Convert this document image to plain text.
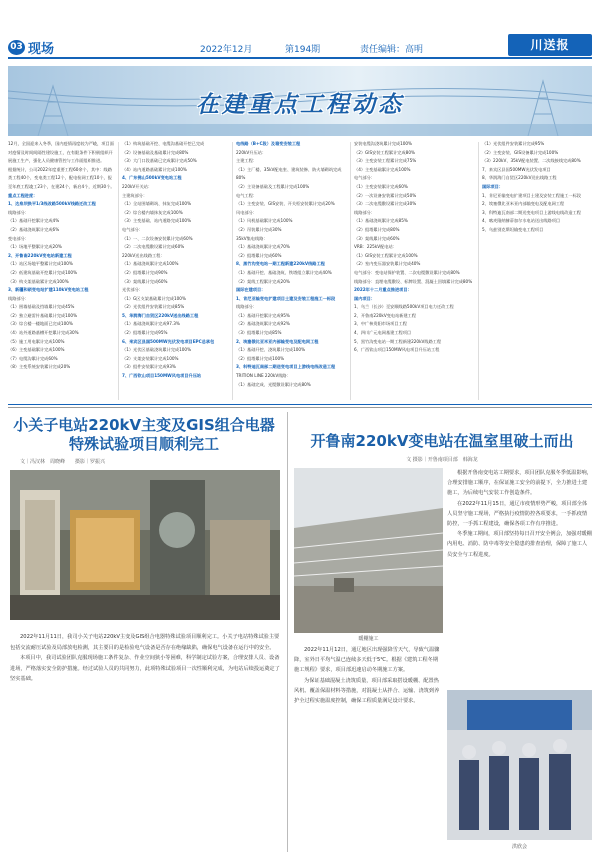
03 现场	2022年12月	第194期	责任编辑：高明	川送报
在建重点工程动态

12月，全国迎来入冬季，国内疫情再度较为严峻，项目面对疫情及时间间隔性建设施工，在有限条件下积极组织开展施工生产，强化人员健康管控与工作面组织推进。

根据统计，公司2022年度重要工程60余个，其中：线路类工程40个，变电类工程12个，配电检网工程10个，报至年底工程竣工23个，在建24个，新启4个，近期30个。

重点工程进度：

1、达泉坝换平1/3线改路500kV线路迁改工程

线路部分：

（1）基础开挖累计完成4%

（2）基础浇筑累计完成6%

变电部分：

（1）场地平整累计完成20%

2、开鲁南220kV变电站新建工程

（1）站区场地平整累计完成100%

（2）低建筑基础开挖累计完成100%

（3）构支架基础累计完成100%

3、新疆和硕变电站扩建110kV变电站工程

线路部分：

（1）围墙基础及挡墙累计完成45%

（2）独立避雷针基础累计完成100%

（3）综合楼一楼地面已完成100%

（4）站外道路基槽开挖累计完成30%

（5）施工用电累计完成100%

（6）主变基础累计完成100%

（7）电缆沟累计完成60%

（8）主变系统安装累计完成20%

（1）构筑基础开挖、电缆沟基础开挖已完成

（2）设备基础及基础累计完成80%

（3）大门口段基础已完成累计完成50%

（4）站内道路基础累计完成100%

4、广东佛山500kV变电站工程

220kV开关站：

主建筑部分：

（1）全站围墙砌筑、抹灰完成100%

（2）综合楼内墙抹灰完成100%

（3）主变基础、站内道路完成100%

电气部分：

（1）一、二次设备安装累计完成60%

（2）二次电缆敷设累计完成60%

220kV送出线路工程：

（1）基础浇筑累计完成100%

（2）组塔累计完成90%

（3）架线累计完成60%

光伏部分：

（1）G区支架基础累计完成100%

（2）光伏组件安装累计完成85%

5、华润海门自贸区220kV送出线路工程

（1）基础浇筑累计完成97.3%

（2）组塔累计完成95%

6、来宾区县国500MW光伏发电项目EPC总承包

（1）光伏区基础浇筑累计完成100%

（2）支架安装累计完成100%

（3）组件安装累计完成93%

7、广西钦山项目150MW风电项目升压站

电线路（B+C段）及箱变安装工程

220kV升压站：

主建工程：

（1）主厂楼、35kV配电室、建筑装修、防火墙砌筑完成80%

（2）主设备基础及工程累计完成100%

电气工程：

（1）主变安装、GIS安装、开关柜安装累计完成20%

风电部分：

（1）风机基础累计完成100%

（2）吊装累计完成30%

35kV集电线路：

（1）基础浇筑累计完成70%

（2）组塔累计完成60%

8、黑竹沟变电站一期工程新建220kV线路工程

（1）基础开挖、基础浇筑、铁塔组立累计完成40%

（2）架线工程累计完成20%

国际在建项目：

1、肯尼亚输变电扩建项目土建及安装工程施工一标段

线路部分：

（1）基础开挖累计完成95%

（2）基础浇筑累计完成92%

（3）组塔累计完成85%

2、埃塞俄比亚米亚内部输变电及配电网工程

（1）基础开挖、浇筑累计完成100%

（2）组塔累计完成100%

3、科特迪瓦南部二期送变电项目上游线电线改造工程

TRITION LINE 220kV线路：

（1）基础完成、光缆敷设累计完成80%

安装电缆沟浇筑累计完成100%

（2）GIS安装工程累计完成80%

（3）主变安装工程累计完成75%

（4）主变基础累计完成100%

电气部分：

（1）主变安装累计完成60%

（2）一次设备安装累计完成50%

（3）二次电缆敷设累计完成30%

线路部分：

（1）基础浇筑累计完成85%

（2）组塔累计完成80%

（3）架线累计完成60%

VRB：225kV配电站：

（1）GIS安装工程累计完成100%

（2）室内变压器安装累计完成40%

电气部分：变电站保护装置、二次电缆敷设累计完成80%

线路部分：直埋电缆敷设、标牌设置、混凝土回填累计完成80%

2022年十二月重点推进项目：

国内项目：

1、乌兰（长沙）至安顺线路500kV项目电力迁改工程

2、开鲁南220kV变电站新建工程

3、中广核贵阳市场项目工程

4、四川广元电网基建工程项目

5、黑竹沟变电站一期工程新建220kV线路工程

6、广西钦山项目150MW风电项目升压站工程

（1）光伏组件安装累计完成95%

（2）主变安装、GIS设备累计完成100%

（3）220kV、35kV配电装置、二次线接线完成80%

7、来宾区县国500MW光伏发电项目

8、华润海门自贸区220kV送出线路工程

国际项目：

1、肯尼亚输变电扩建项目土建及安装工程施工一标段

2、埃塞俄比亚米亚内部输变电及配电网工程

3、科特迪瓦南部二期送变电项目上游线电线改造工程

4、喀麦隆纳赫蒂加尔水电站送出线路项目

5、乌兹别克斯坦输变电工程项目

小关子电站220kV主变及GIS组合电器特殊试验项目顺利完工
文｜冯汉林　周晓峰　　摄影｜罗振兴

2022年11月11日，我司小关子电站220kV主变及GIS组合电器特殊试验项目顺利完工。小关子电站特殊试验主要包括交流耐压试验及局部放电检测，其主要目的是检验电气设备是否存在绝缘缺陷，确保电气设备在运行中的安全。

本项目中，我司试验团队克服现场施工条件复杂、作业空间狭小等困难，科学制定试验方案，合理安排人员、设备进场，严格落实安全防护措施。经过试验人员的共同努力，此项特殊试验项目一次性顺利完成，为电站后续投运奠定了坚实基础。

开鲁南220kV变电站在温室里破土而出
文 摄影｜开鲁南项目部　韩海龙
暖棚施工

2022年11月12日，通辽地区出现强降雪天气，导致气温骤降，室外日平均气温已连续多天低于5℃。根据《建筑工程冬期施工规程》要求，项目部迅速启动冬期施工方案。

为保证基础混凝土浇筑质量，项目部采取搭设暖棚、配置热风机、覆盖保温材料等措施，对混凝土从拌合、运输、浇筑到养护全过程实施温度控制，确保工程质量满足设计要求。

根据开鲁南变电站工期要求，项目团队克服冬季低温影响，合理安排施工顺序，在保证施工安全的前提下，全力推进土建施工，为后续电气安装工作创造条件。

在2022年11月15日，通辽市疫情形势严峻，项目部全体人员坚守施工现场，严格执行疫情防控各项要求，一手抓疫情防控，一手抓工程建设，确保各项工作有序推进。

冬季施工期间，项目部坚持每日召开安全例会，加强对暖棚内用电、消防、防中毒等安全隐患的排查治理，保障了施工人员安全与工程进度。

洪欣会
